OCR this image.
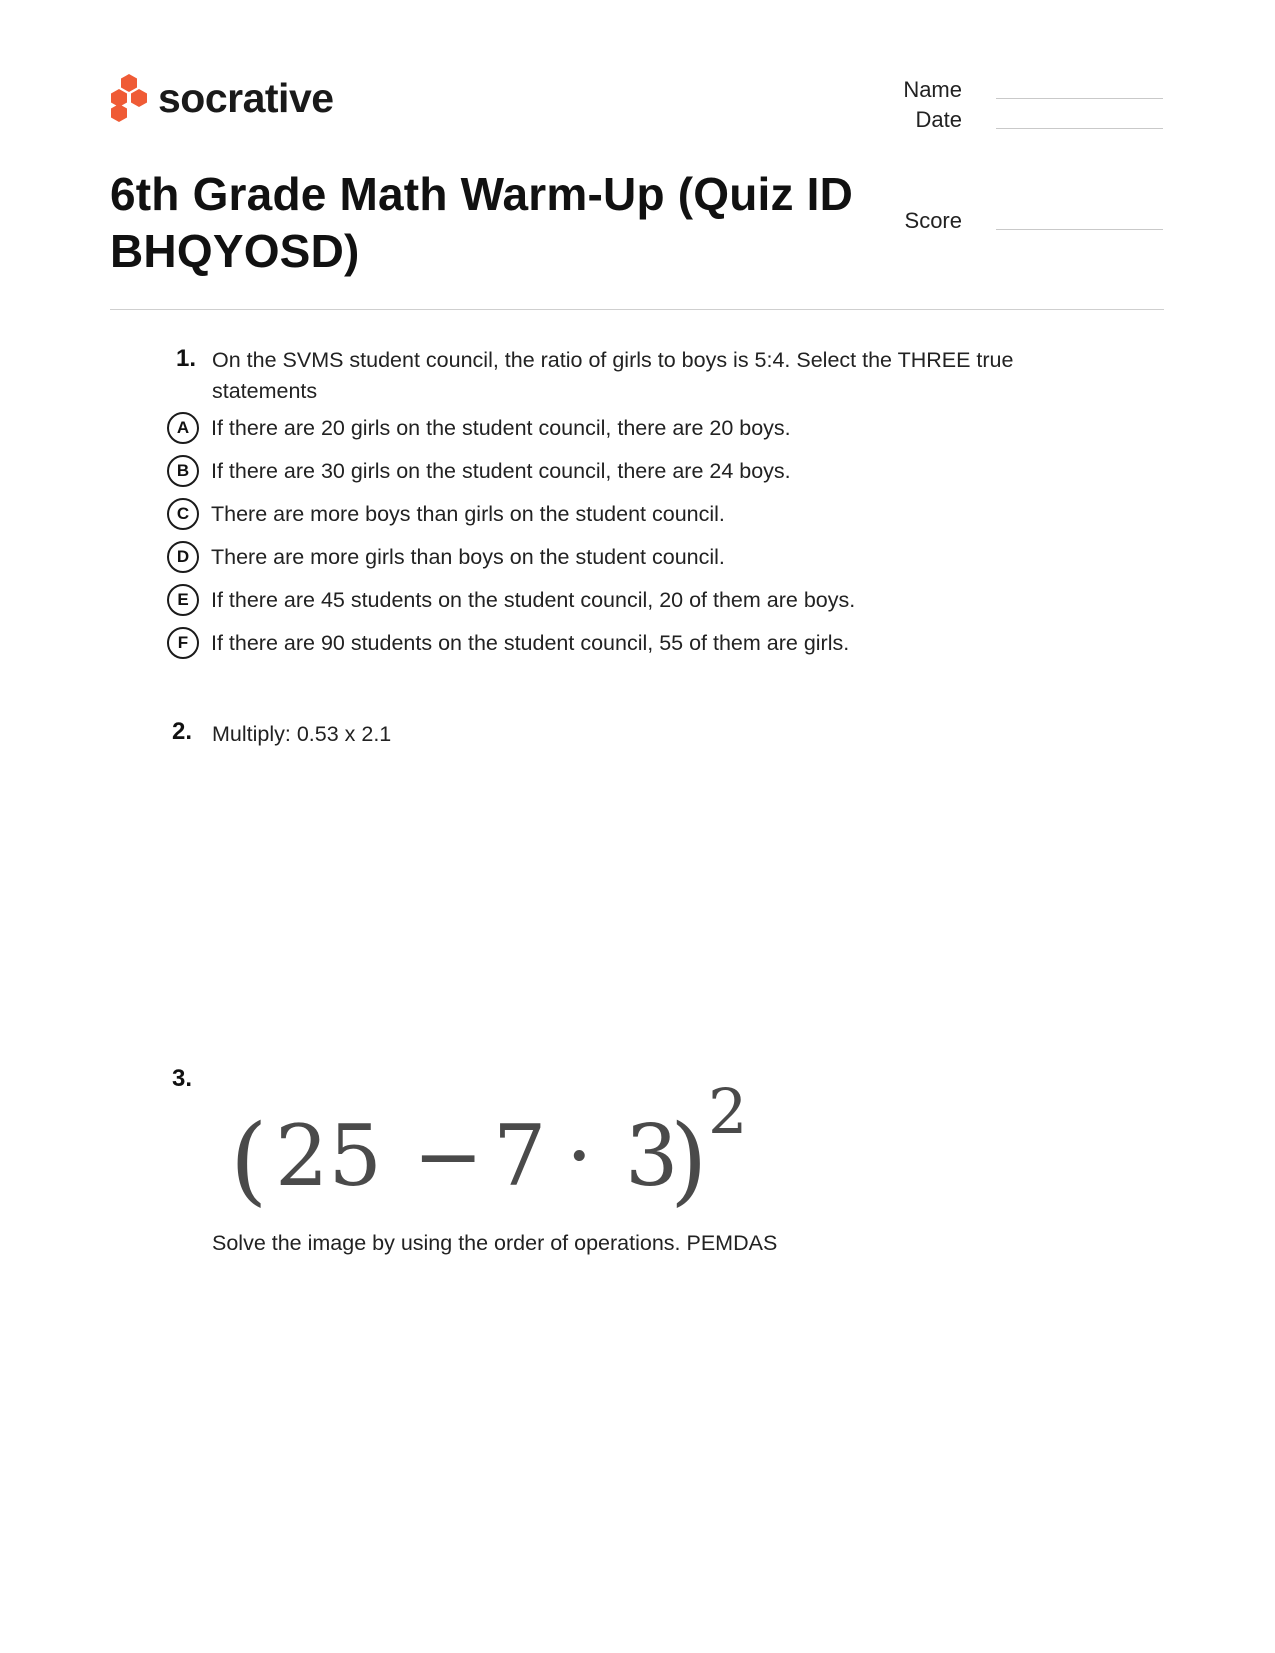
socrative	Name
Date
Score
6th Grade Math Warm-Up (Quiz ID BHQYOSD)
1. On the SVMS student council, the ratio of girls to boys is 5:4. Select the THREE true statements
A	If there are 20 girls on the student council, there are 20 boys.
B	If there are 30 girls on the student council, there are 24 boys.
C	There are more boys than girls on the student council.
D	There are more girls than boys on the student council.
E	If there are 45 students on the student council, 20 of them are boys.
F	If there are 90 students on the student council, 55 of them are girls.
2. Multiply: 0.53 x 2.1
3.
( 25 − 7 · 3
) 2
Solve the image by using the order of operations. PEMDAS
